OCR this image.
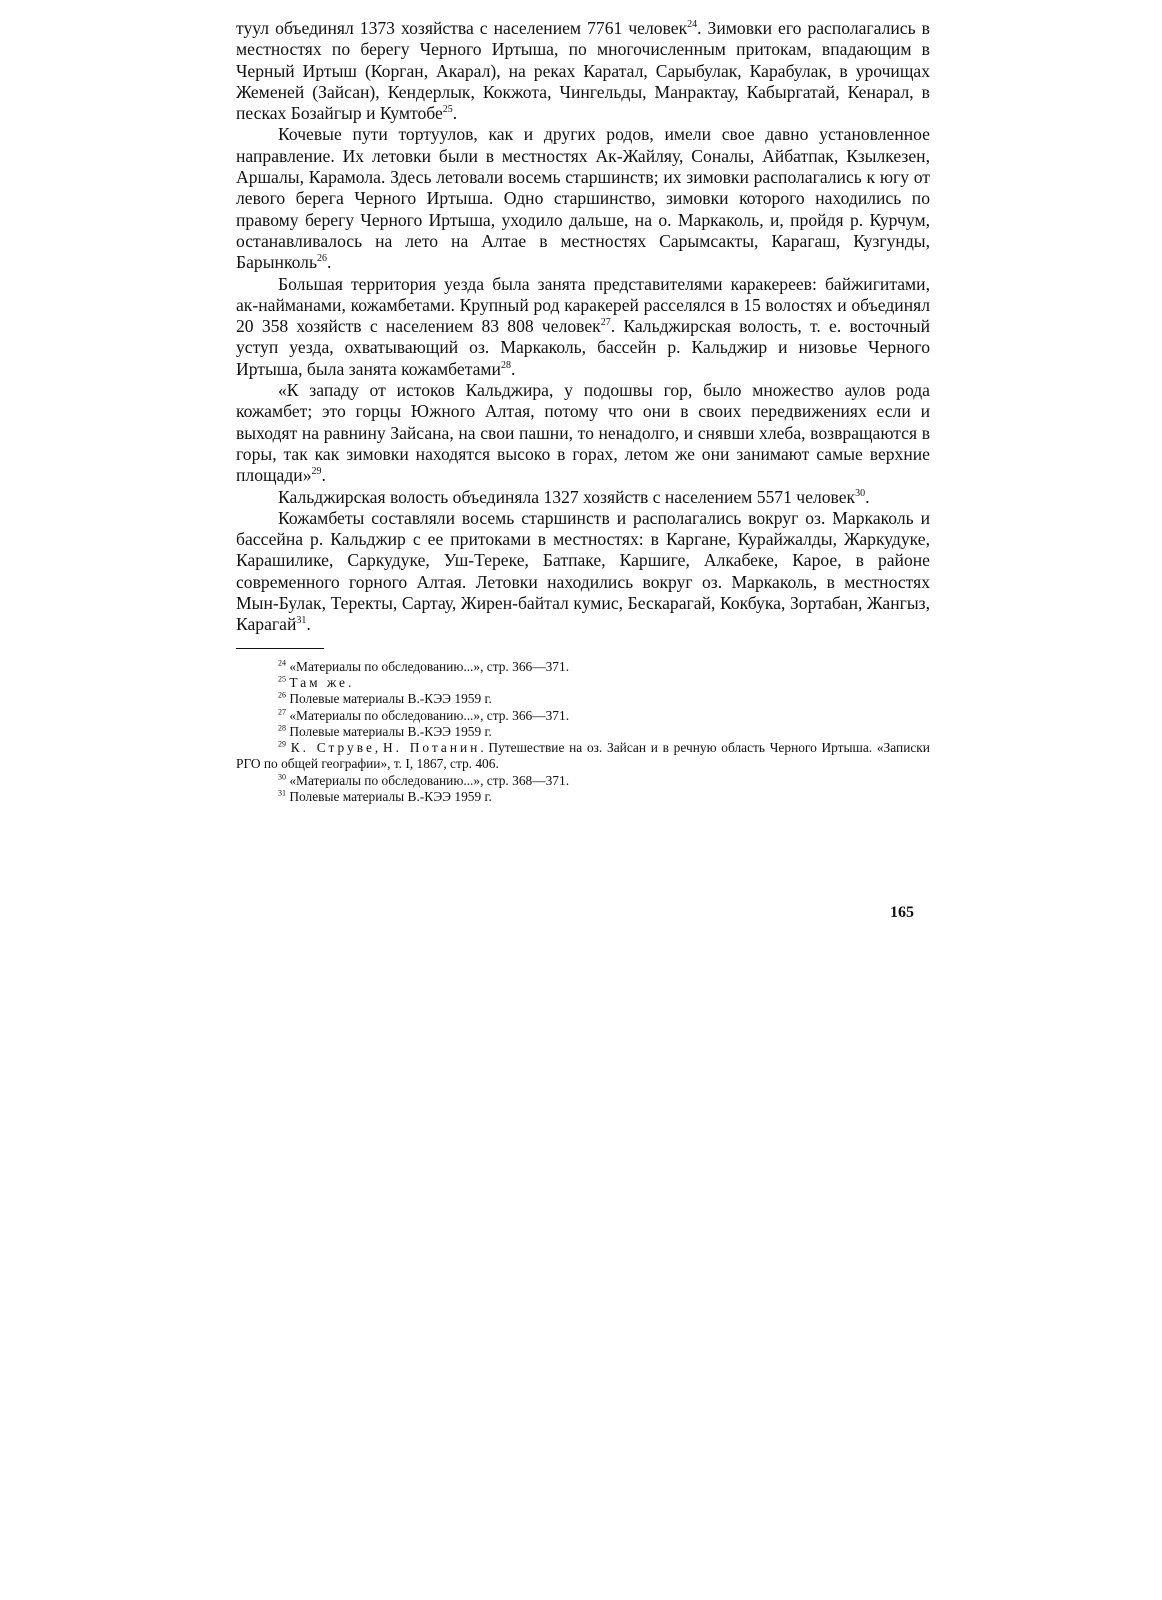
туул объединял 1373 хозяйства с населением 7761 человек$^{24}$. Зимовки его располагались в местностях по берегу Черного Иртыша, по многочисленным притокам, впадающим в Черный Иртыш (Корган, Акарал), на реках Каратал, Сарыбулак, Карабулак, в урочищах Жеменей (Зайсан), Кендерлык, Кокжота, Чингельды, Манрактау, Кабыргатай, Кенарал, в песках Бозайгыр и Кумтобе$^{25}$.

Кочевые пути тортуулов, как и других родов, имели свое давно установленное направление. Их летовки были в местностях Ак-Жайляу, Соналы, Айбатпак, Кзылкезен, Аршалы, Карамола. Здесь летовали восемь старшинств; их зимовки располагались к югу от левого берега Черного Иртыша. Одно старшинство, зимовки которого находились по правому берегу Черного Иртыша, уходило дальше, на о. Маркаколь, и, пройдя р. Курчум, останавливалось на лето на Алтае в местностях Сарымсакты, Карагаш, Кузгунды, Барынколь$^{26}$.

Большая территория уезда была занята представителями каракереев: байжигитами, ак-найманами, кожамбетами. Крупный род каракерей расселялся в 15 волостях и объединял 20 358 хозяйств с населением 83 808 человек$^{27}$. Кальджирская волость, т. е. восточный уступ уезда, охватывающий оз. Маркаколь, бассейн р. Кальджир и низовье Черного Иртыша, была занята кожамбетами$^{28}$.

«К западу от истоков Кальджира, у подошвы гор, было множество аулов рода кожамбет; это горцы Южного Алтая, потому что они в своих передвижениях если и выходят на равнину Зайсана, на свои пашни, то ненадолго, и снявши хлеба, возвращаются в горы, так как зимовки находятся высоко в горах, летом же они занимают самые верхние площади»$^{29}$.

Кальджирская волость объединяла 1327 хозяйств с населением 5571 человек$^{30}$.

Кожамбеты составляли восемь старшинств и располагались вокруг оз. Маркаколь и бассейна р. Кальджир с ее притоками в местностях: в Каргане, Курайжалды, Жаркудуке, Карашилике, Саркудуке, Уш-Тереке, Батпаке, Каршиге, Алкабеке, Карое, в районе современного горного Алтая. Летовки находились вокруг оз. Маркаколь, в местностях Мын-Булак, Теректы, Сартау, Жирен-байтал кумис, Бескарагай, Кокбука, Зортабан, Жангыз, Карагай$^{31}$.

$^{24}$ «Материалы по обследованию...», стр. 366—371.

$^{25}$ Там же.

$^{26}$ Полевые материалы В.-КЭЭ 1959 г.

$^{27}$ «Материалы по обследованию...», стр. 366—371.

$^{28}$ Полевые материалы В.-КЭЭ 1959 г.

$^{29}$ К. Струве, Н. Потанин. Путешествие на оз. Зайсан и в речную область Черного Иртыша. «Записки РГО по общей географии», т. I, 1867, стр. 406.

$^{30}$ «Материалы по обследованию...», стр. 368—371.

$^{31}$ Полевые материалы В.-КЭЭ 1959 г.

165
